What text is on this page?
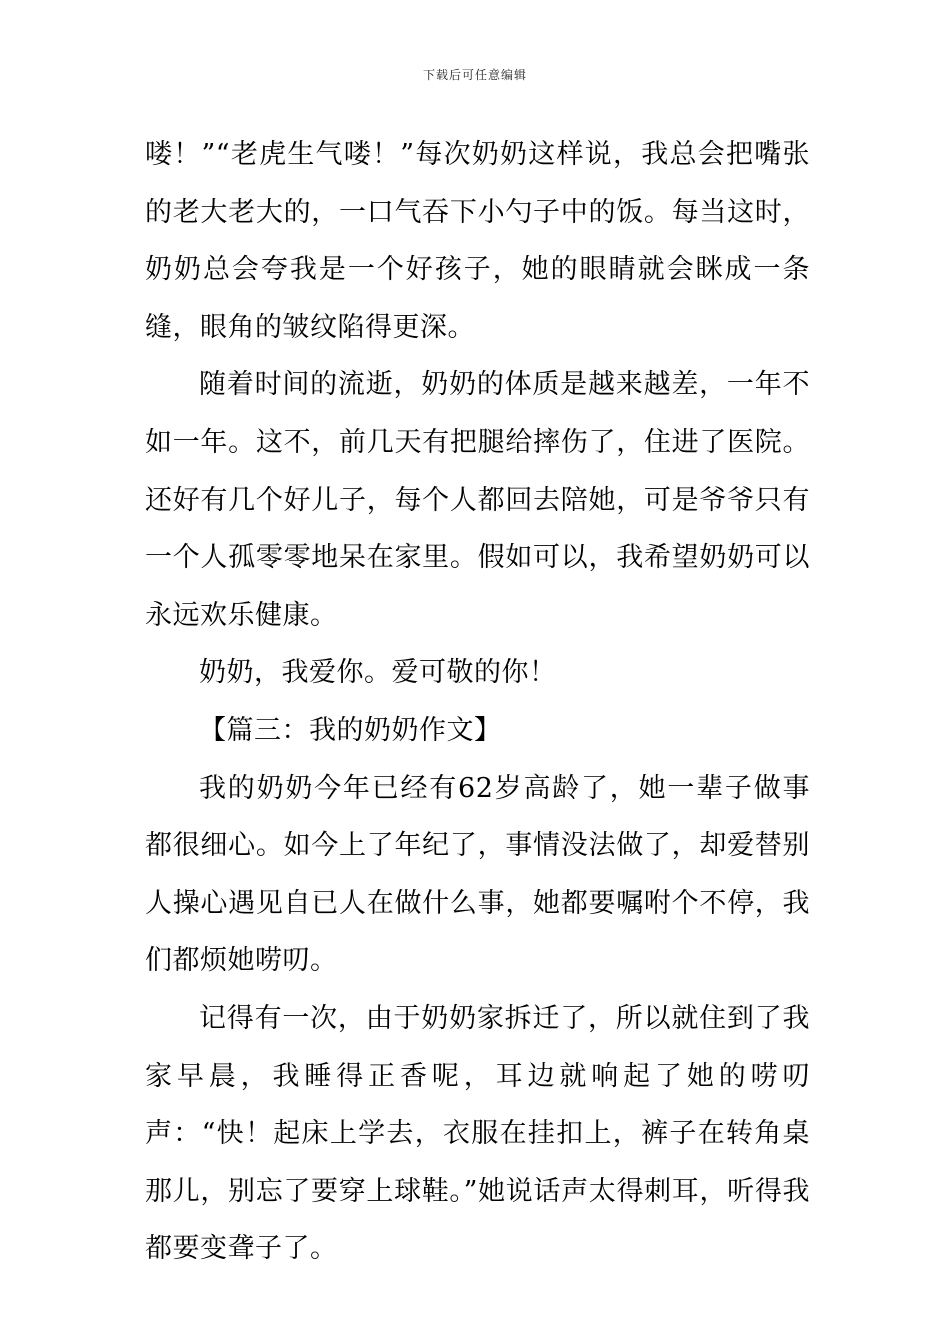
下载后可任意编辑

喽！”“老虎生气喽！”每次奶奶这样说，我总会把嘴张的老大老大的，一口气吞下小勺子中的饭。每当这时，奶奶总会夸我是一个好孩子，她的眼睛就会眯成一条缝，眼角的皱纹陷得更深。

随着时间的流逝，奶奶的体质是越来越差，一年不如一年。这不，前几天有把腿给摔伤了，住进了医院。还好有几个好儿子，每个人都回去陪她，可是爷爷只有一个人孤零零地呆在家里。假如可以，我希望奶奶可以永远欢乐健康。

奶奶，我爱你。爱可敬的你！

【篇三：我的奶奶作文】

我的奶奶今年已经有62岁高龄了，她一辈子做事都很细心。如今上了年纪了，事情没法做了，却爱替别人操心遇见自已人在做什么事，她都要嘱咐个不停，我们都烦她唠叨。

记得有一次，由于奶奶家拆迁了，所以就住到了我家早晨，我睡得正香呢，耳边就响起了她的唠叨声：“快！起床上学去，衣服在挂扣上，裤子在转角桌那儿，别忘了要穿上球鞋。”她说话声太得刺耳，听得我都要变聋子了。
